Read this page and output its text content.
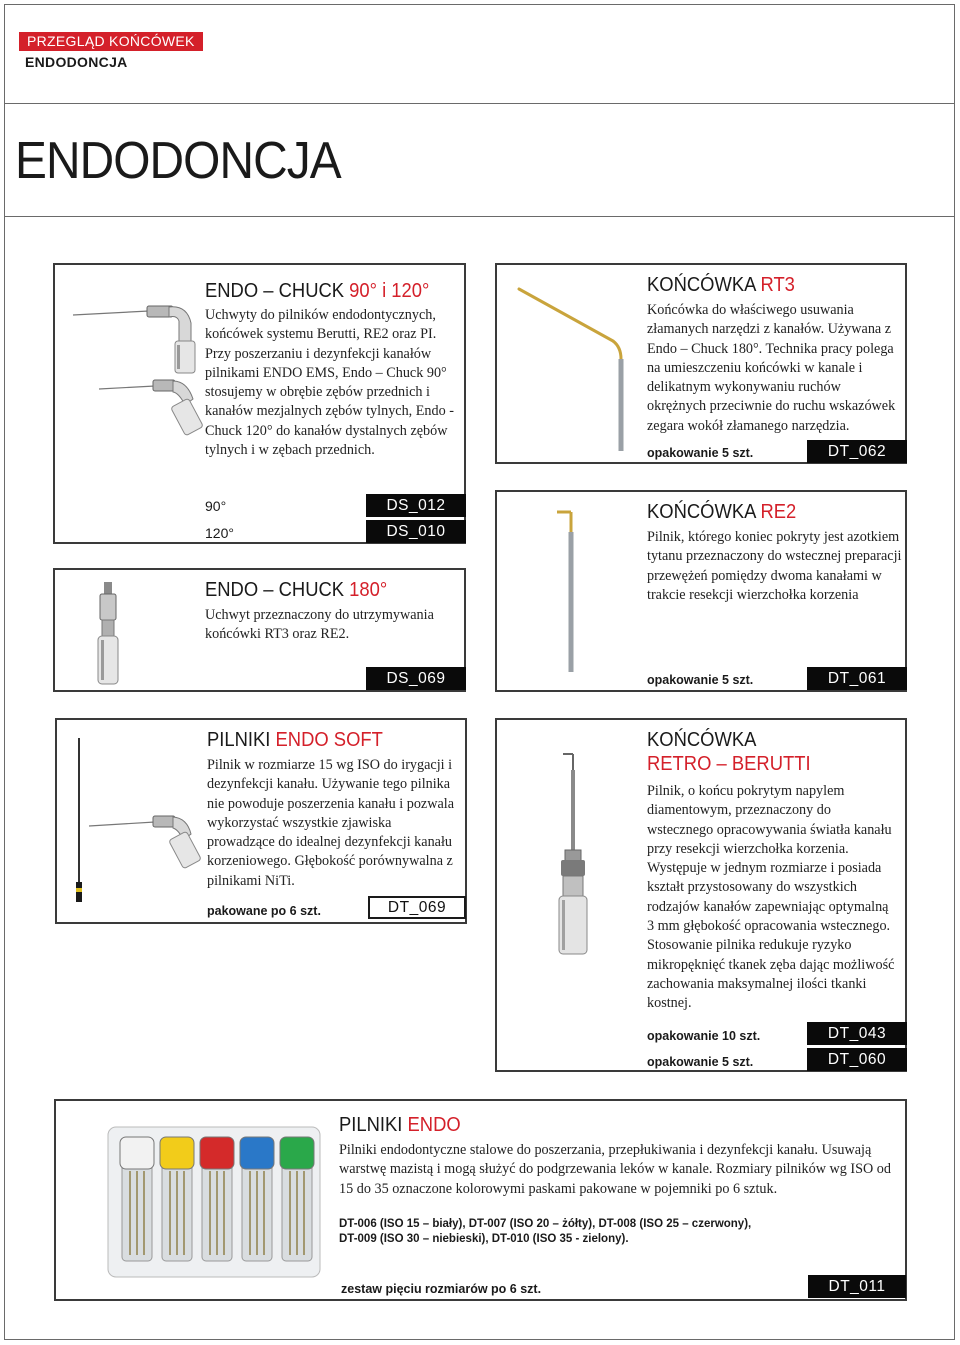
PRZEGLĄD KOŃCÓWEK
ENDODONCJA
ENDODONCJA
ENDO – CHUCK 90° i 120°
Uchwyty do pilników endodontycznych, końcówek systemu Berutti, RE2 oraz PI. Przy poszerzaniu i dezynfekcji kanałów pilnikami ENDO EMS, Endo – Chuck 90° stosujemy w obrębie zębów przednich i kanałów mezjalnych zębów tylnych, Endo - Chuck 120° do kanałów dystalnych zębów tylnych i w zębach przednich.
90°	DS_012
120°	DS_010
KOŃCÓWKA RT3
Końcówka do właściwego usuwania złamanych narzędzi z kanałów. Używana z Endo – Chuck 180°. Technika pracy polega na umieszczeniu końcówki w kanale i delikatnym wykonywaniu ruchów okrężnych przeciwnie do ruchu wskazówek zegara wokół złamanego narzędzia.
opakowanie 5 szt.	DT_062
ENDO – CHUCK 180°
Uchwyt przeznaczony do utrzymywania końcówki RT3 oraz RE2.
DS_069
KOŃCÓWKA RE2
Pilnik, którego koniec pokryty jest azotkiem tytanu przeznaczony do wstecznej preparacji przewężeń pomiędzy dwoma kanałami w trakcie resekcji wierzchołka korzenia
opakowanie 5 szt.	DT_061
PILNIKI ENDO SOFT
Pilnik w rozmiarze 15 wg ISO do irygacji i dezynfekcji kanału. Używanie tego pilnika nie powoduje poszerzenia kanału i pozwala wykorzystać wszystkie zjawiska prowadzące do idealnej dezynfekcji kanału korzeniowego. Głębokość porównywalna z pilnikami NiTi.
pakowane po 6 szt.	DT_069
KOŃCÓWKA
RETRO – BERUTTI
Pilnik, o końcu pokrytym napylem diamentowym, przeznaczony do wstecznego opracowywania światła kanału przy resekcji wierzchołka korzenia. Występuje w jednym rozmiarze i posiada kształt przystosowany do wszystkich rodzajów kanałów zapewniając optymalną 3 mm głębokość opracowania wstecznego. Stosowanie pilnika redukuje ryzyko mikropęknięć tkanek zęba dając możliwość zachowania maksymalnej ilości tkanki kostnej.
opakowanie 10 szt.	DT_043
opakowanie 5 szt.	DT_060
PILNIKI ENDO
Pilniki endodontyczne stalowe do poszerzania, przepłukiwania i dezynfekcji kanału. Usuwają warstwę mazistą i mogą służyć do podgrzewania leków w kanale. Rozmiary pilników wg ISO od 15 do 35 oznaczone kolorowymi paskami pakowane w pojemniki po 6 sztuk.
DT-006 (ISO 15 – biały), DT-007 (ISO 20 – żółty), DT-008 (ISO 25 – czerwony),
DT-009 (ISO 30 – niebieski), DT-010 (ISO 35 - zielony).
zestaw pięciu rozmiarów po 6 szt.	DT_011
